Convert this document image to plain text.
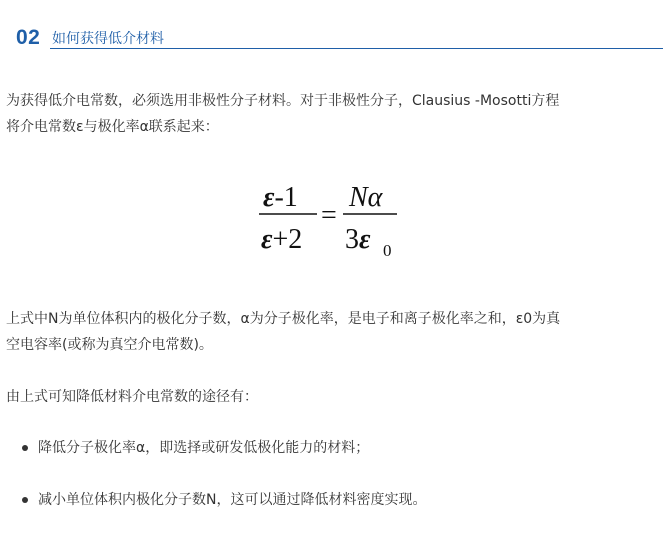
02 如何获得低介材料

为获得低介电常数，必须选用非极性分子材料。对于非极性分子，Clausius -Mosotti方程
将介电常数ε与极化率α联系起来：

ε-1
ε+2
=
Nα
3ε 0

上式中N为单位体积内的极化分子数，α为分子极化率，是电子和离子极化率之和，ε0为真
空电容率(或称为真空介电常数)。

由上式可知降低材料介电常数的途径有：

降低分子极化率α，即选择或研发低极化能力的材料；
减小单位体积内极化分子数N，这可以通过降低材料密度实现。
